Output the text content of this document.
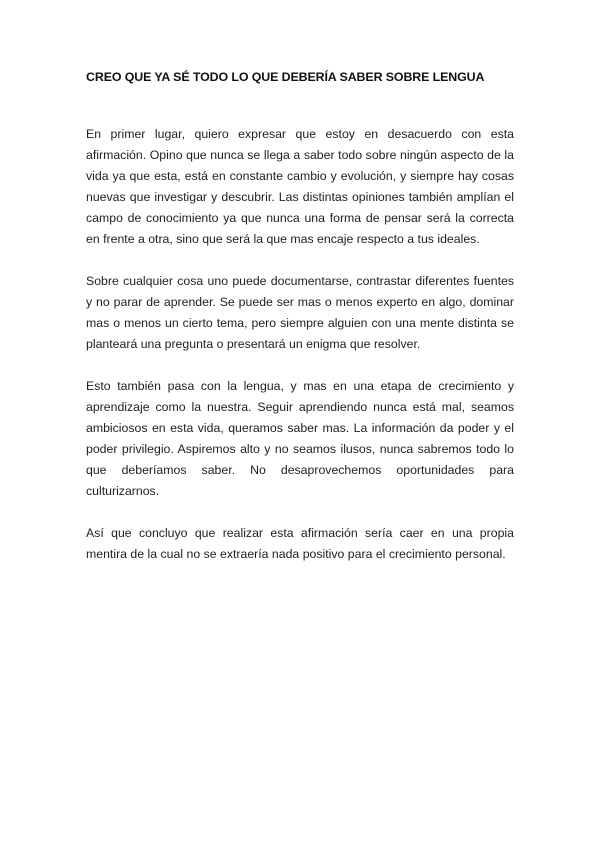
CREO QUE YA SÉ TODO LO QUE DEBERÍA SABER SOBRE LENGUA

En primer lugar, quiero expresar que estoy en desacuerdo con esta afirmación. Opino que nunca se llega a saber todo sobre ningún aspecto de la vida ya que esta, está en constante cambio y evolución, y siempre hay cosas nuevas que investigar y descubrir. Las distintas opiniones también amplían el campo de conocimiento ya que nunca una forma de pensar será la correcta en frente a otra, sino que será la que mas encaje respecto a tus ideales.

Sobre cualquier cosa uno puede documentarse, contrastar diferentes fuentes y no parar de aprender. Se puede ser mas o menos experto en algo, dominar mas o menos un cierto tema, pero siempre alguien con una mente distinta se planteará una pregunta o presentará un enigma que resolver.

Esto también pasa con la lengua, y mas en una etapa de crecimiento y aprendizaje como la nuestra. Seguir aprendiendo nunca está mal, seamos ambiciosos en esta vida, queramos saber mas. La información da poder y el poder privilegio. Aspiremos alto y no seamos ilusos, nunca sabremos todo lo que deberíamos saber. No desaprovechemos oportunidades para culturizarnos.

Así que concluyo que realizar esta afirmación sería caer en una propia mentira de la cual no se extraería nada positivo para el crecimiento personal.
